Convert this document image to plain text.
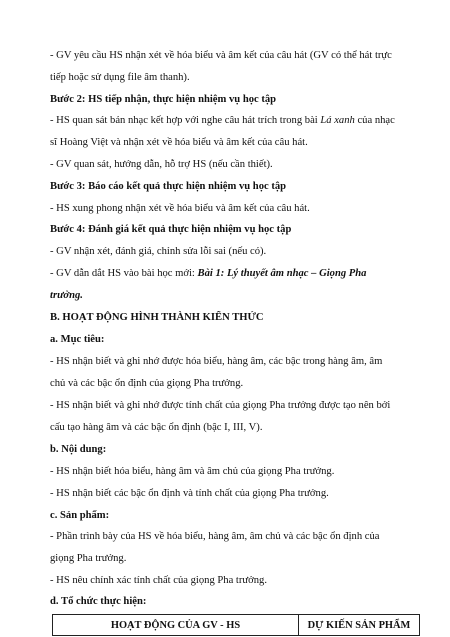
- GV yêu cầu HS nhận xét về hóa biểu và âm kết của câu hát (GV có thể hát trực
tiếp hoặc sử dụng file âm thanh).
Bước 2: HS tiếp nhận, thực hiện nhiệm vụ học tập
- HS quan sát bản nhạc kết hợp với nghe câu hát trích trong bài Lá xanh của nhạc
sĩ Hoàng Việt và nhận xét về hóa biểu và âm kết của câu hát.
- GV quan sát, hướng dẫn, hỗ trợ HS (nếu cần thiết).
Bước 3: Báo cáo kết quả thực hiện nhiệm vụ học tập
- HS xung phong nhận xét về hóa biểu và âm kết của câu hát.
Bước 4: Đánh giá kết quả thực hiện nhiệm vụ học tập
- GV nhận xét, đánh giá, chỉnh sửa lỗi sai (nếu có).
- GV dẫn dắt HS vào bài học mới: Bài 1: Lý thuyết âm nhạc – Giọng Pha
trưởng.
B. HOẠT ĐỘNG HÌNH THÀNH KIẾN THỨC
a. Mục tiêu:
- HS nhận biết và ghi nhớ được hóa biểu, hàng âm, các bậc trong hàng âm, âm
chủ và các bậc ổn định của giọng Pha trưởng.
- HS nhận biết và ghi nhớ được tính chất của giọng Pha trưởng được tạo nên bởi
cấu tạo hàng âm và các bậc ổn định (bậc I, III, V).
b. Nội dung:
- HS nhận biết hóa biểu, hàng âm và âm chủ của giọng Pha trưởng.
- HS nhận biết các bậc ổn định và tính chất của giọng Pha trưởng.
c. Sản phẩm:
- Phần trình bày của HS về hóa biểu, hàng âm, âm chủ và các bậc ổn định của
giọng Pha trưởng.
- HS nêu chính xác tính chất của giọng Pha trưởng.
d. Tổ chức thực hiện:
HOẠT ĐỘNG CỦA GV - HS	DỰ KIẾN SẢN PHẨM
